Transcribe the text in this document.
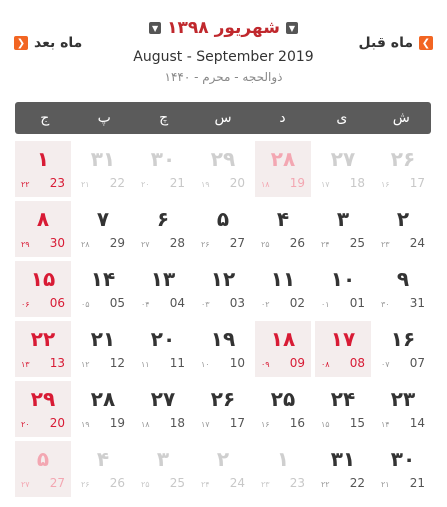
❮
ماه قبل
▼	شهریور
۱۳۹۸	▼
❯ ماه بعد
August - September 2019
ذوالحجه - محرم - ۱۴۴۰
ش
ی
د
س
چ
پ
ج
۲۶
۱۶ 17
۲۷
۱۷ 18
۲۸
۱۸ 19
۲۹
۱۹ 20
۳۰
۲۰ 21
۳۱
۲۱ 22
۱
۲۲ 23
۲
۲۳ 24
۳
۲۴ 25
۴
۲۵ 26
۵
۲۶ 27
۶
۲۷ 28
۷
۲۸ 29
۸
۲۹ 30
۹
۳۰ 31
۱۰
۰۱ 01
۱۱
۰۲ 02
۱۲
۰۳ 03
۱۳
۰۴ 04
۱۴
۰۵ 05
۱۵
۰۶ 06
۱۶
۰۷ 07
۱۷
۰۸ 08
۱۸
۰۹ 09
۱۹
۱۰ 10
۲۰
۱۱ 11
۲۱
۱۲ 12
۲۲
۱۳ 13
۲۳
۱۴ 14
۲۴
۱۵ 15
۲۵
۱۶ 16
۲۶
۱۷ 17
۲۷
۱۸ 18
۲۸
۱۹ 19
۲۹
۲۰ 20
۳۰
۲۱ 21
۳۱
۲۲ 22
۱
۲۳ 23
۲
۲۴ 24
۳
۲۵ 25
۴
۲۶ 26
۵
۲۷ 27
